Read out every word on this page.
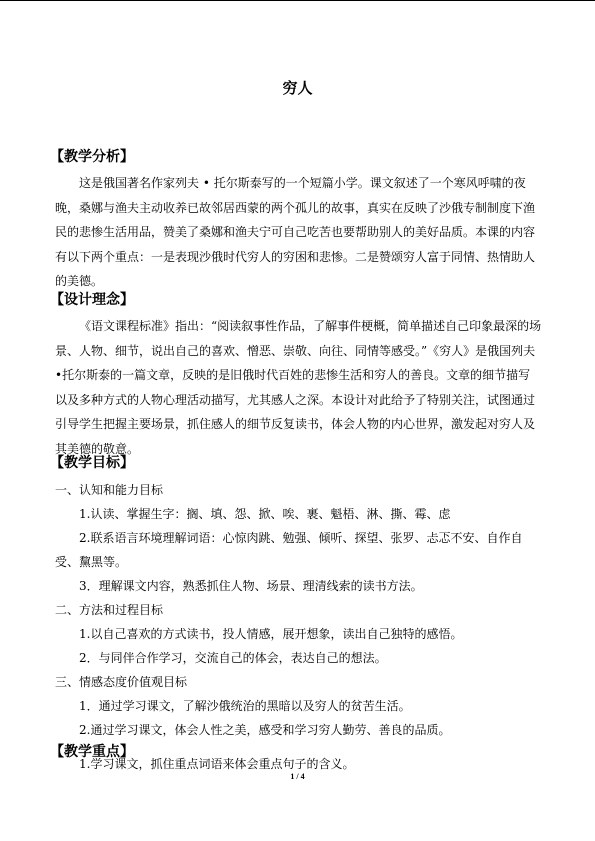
穷人
【教学分析】

这是俄国著名作家列夫 • 托尔斯泰写的一个短篇小学。课文叙述了一个寒风呼啸的夜晚，桑娜与渔夫主动收养已故邻居西蒙的两个孤儿的故事，真实在反映了沙俄专制制度下渔民的悲惨生活用品，赞美了桑娜和渔夫宁可自己吃苦也要帮助别人的美好品质。本课的内容有以下两个重点：一是表现沙俄时代穷人的穷困和悲惨。二是赞颂穷人富于同情、热情助人的美德。

【设计理念】

《语文课程标准》指出：“阅读叙事性作品，了解事件梗概，简单描述自己印象最深的场景、人物、细节，说出自己的喜欢、憎恶、崇敬、向往、同情等感受。”《穷人》是俄国列夫•托尔斯泰的一篇文章，反映的是旧俄时代百姓的悲惨生活和穷人的善良。文章的细节描写以及多种方式的人物心理活动描写，尤其感人之深。本设计对此给予了特别关注，试图通过引导学生把握主要场景，抓住感人的细节反复读书，体会人物的内心世界，激发起对穷人及其美德的敬意。

【教学目标】
一、认知和能力目标
1.认读、掌握生字：搁、填、怨、掀、唉、裹、魁梧、淋、撕、霉、虑
2.联系语言环境理解词语：心惊肉跳、勉强、倾听、探望、张罗、忐忑不安、自作自
受、黧黑等。
3．理解课文内容，熟悉抓住人物、场景、理清线索的读书方法。
二、方法和过程目标
1.以自己喜欢的方式读书，投人情感，展开想象，读出自己独特的感悟。
2．与同伴合作学习，交流自己的体会，表达自己的想法。
三、情感态度价值观目标
1．通过学习课文，了解沙俄统治的黑暗以及穷人的贫苦生活。
2.通过学习课文，体会人性之美，感受和学习穷人勤劳、善良的品质。
【教学重点】
1.学习课文，抓住重点词语来体会重点句子的含义。
1 / 4
